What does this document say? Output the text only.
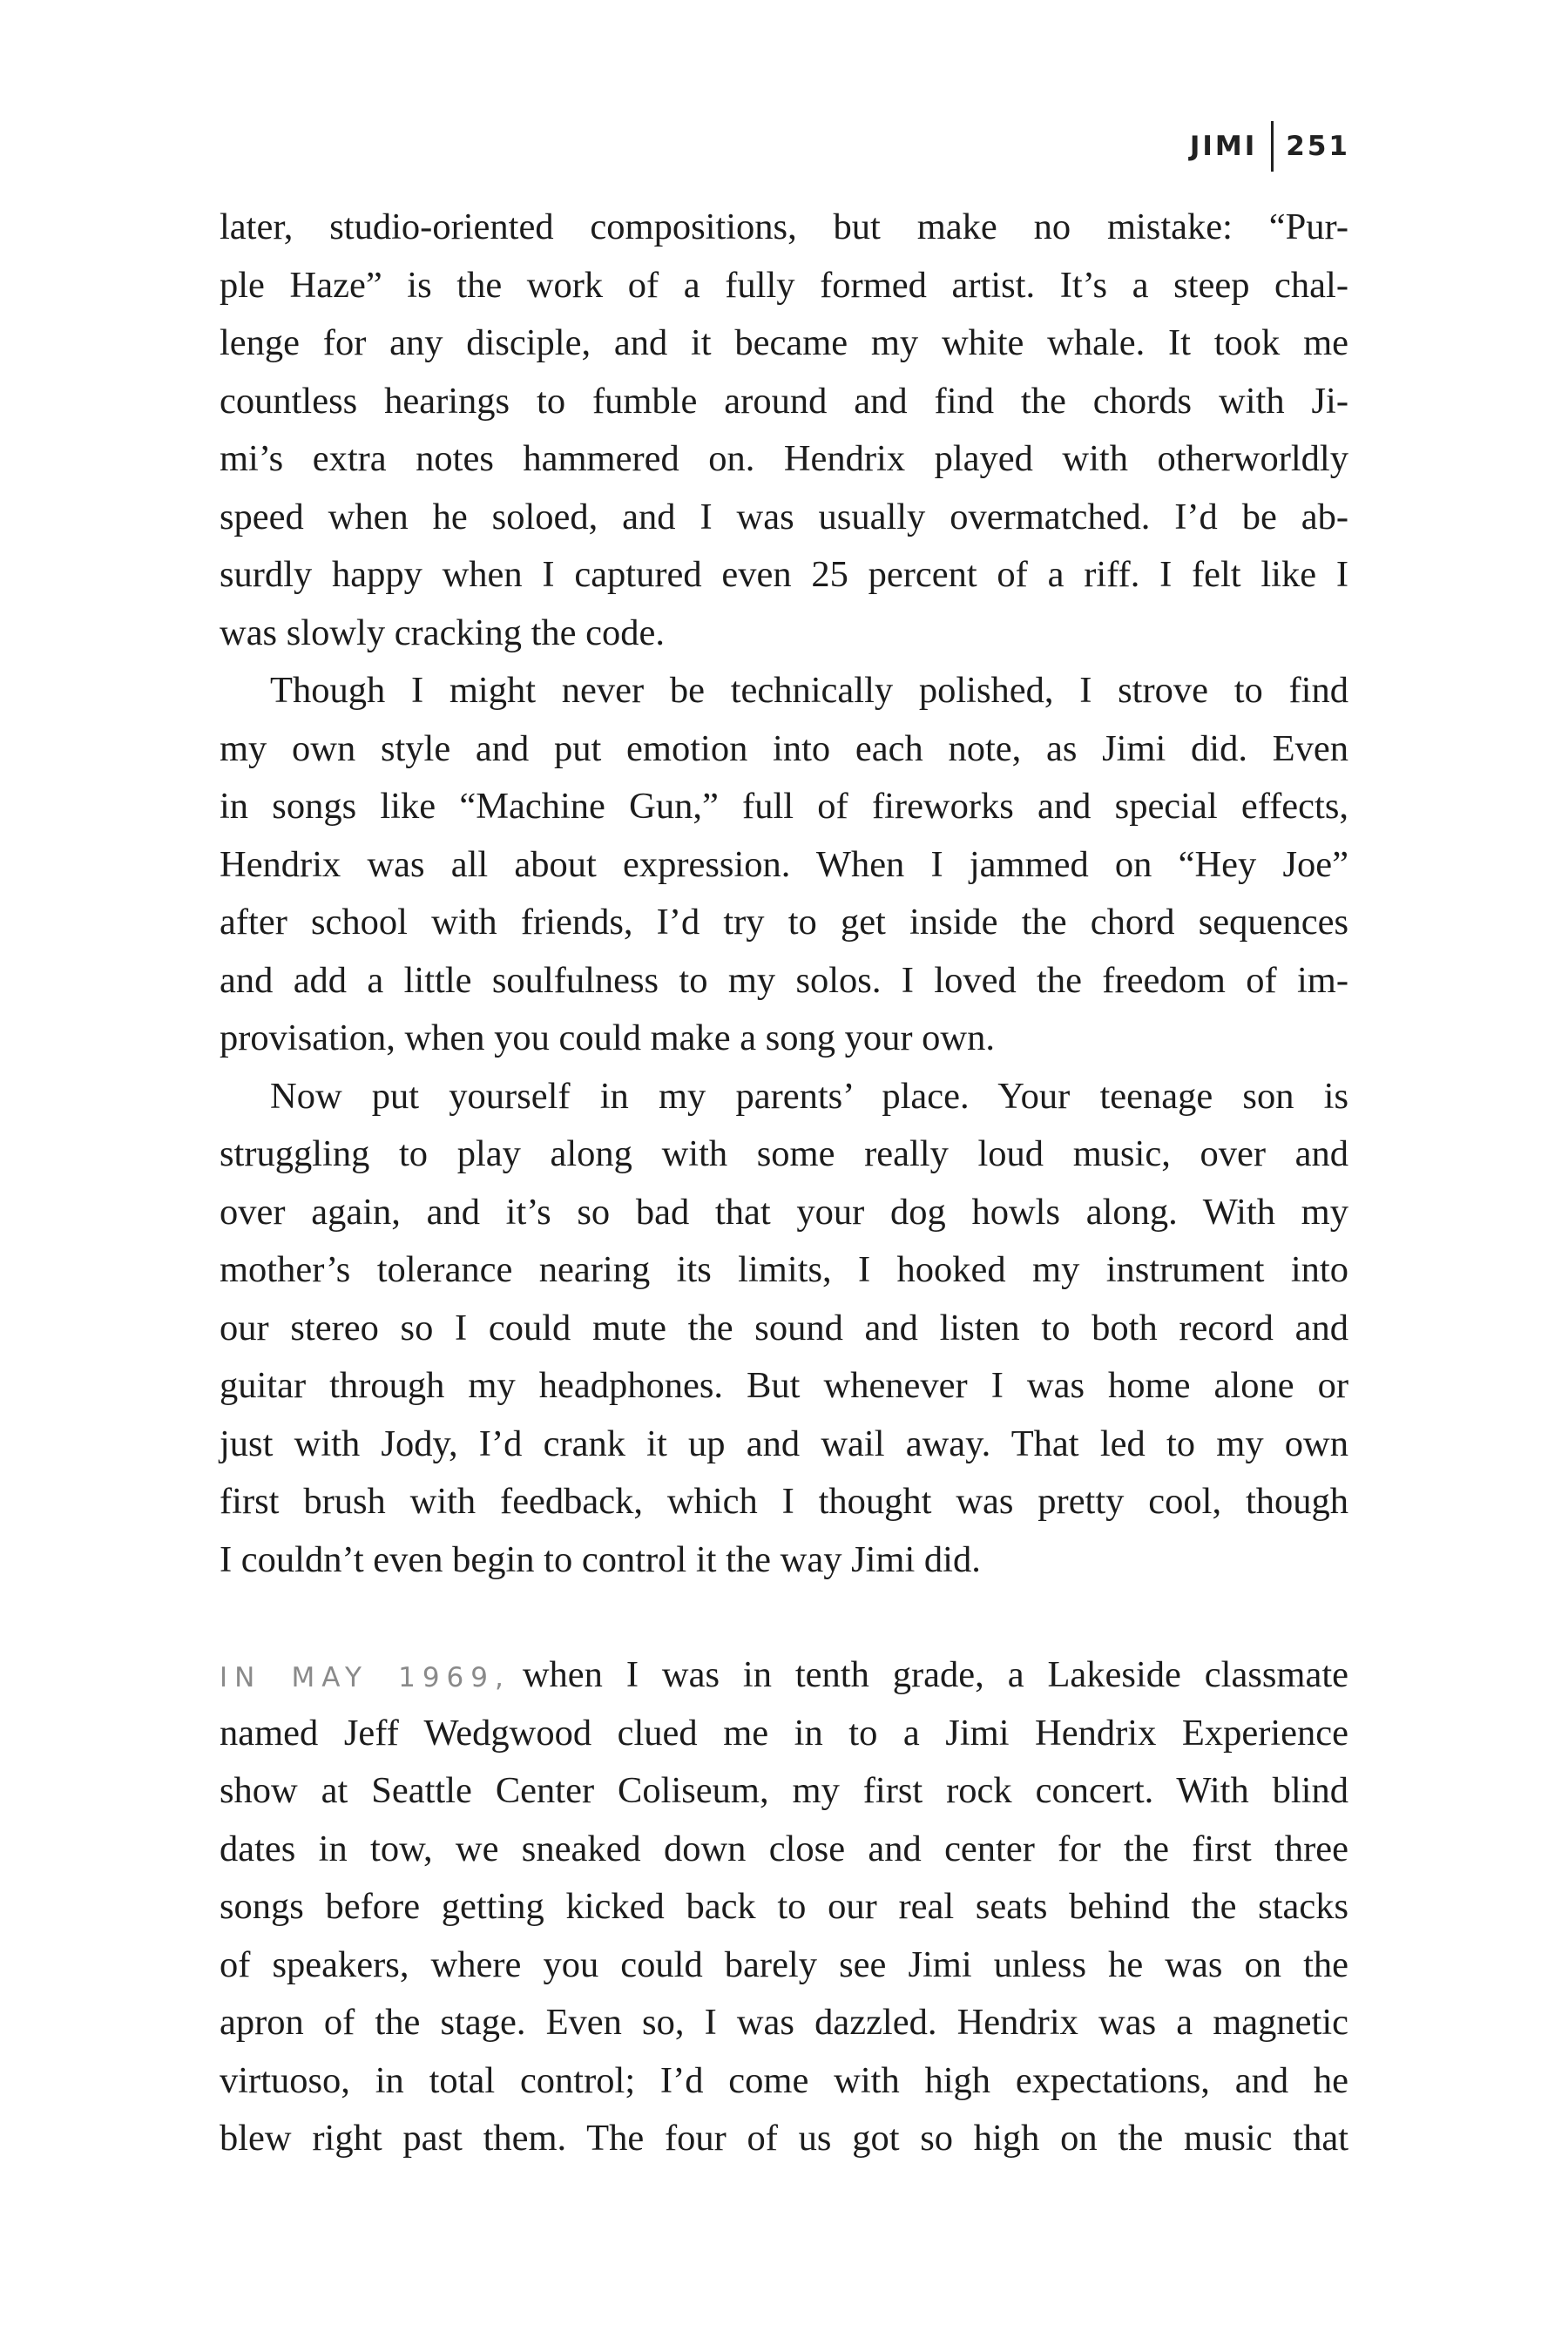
JIMI	251
later, studio-oriented compositions, but make no mistake: “Pur-
ple Haze” is the work of a fully formed artist. It’s a steep chal-
lenge for any disciple, and it became my white whale. It took me
countless hearings to fumble around and find the chords with Ji-
mi’s extra notes hammered on. Hendrix played with otherworldly
speed when he soloed, and I was usually overmatched. I’d be ab-
surdly happy when I captured even 25 percent of a riff. I felt like I
was slowly cracking the code.
Though I might never be technically polished, I strove to find
my own style and put emotion into each note, as Jimi did. Even
in songs like “Machine Gun,” full of fireworks and special effects,
Hendrix was all about expression. When I jammed on “Hey Joe”
after school with friends, I’d try to get inside the chord sequences
and add a little soulfulness to my solos. I loved the freedom of im-
provisation, when you could make a song your own.
Now put yourself in my parents’ place. Your teenage son is
struggling to play along with some really loud music, over and
over again, and it’s so bad that your dog howls along. With my
mother’s tolerance nearing its limits, I hooked my instrument into
our stereo so I could mute the sound and listen to both record and
guitar through my headphones. But whenever I was home alone or
just with Jody, I’d crank it up and wail away. That led to my own
first brush with feedback, which I thought was pretty cool, though
I couldn’t even begin to control it the way Jimi did.
IN MAY 1969, when I was in tenth grade, a Lakeside classmate
named Jeff Wedgwood clued me in to a Jimi Hendrix Experience
show at Seattle Center Coliseum, my first rock concert. With blind
dates in tow, we sneaked down close and center for the first three
songs before getting kicked back to our real seats behind the stacks
of speakers, where you could barely see Jimi unless he was on the
apron of the stage. Even so, I was dazzled. Hendrix was a magnetic
virtuoso, in total control; I’d come with high expectations, and he
blew right past them. The four of us got so high on the music that
